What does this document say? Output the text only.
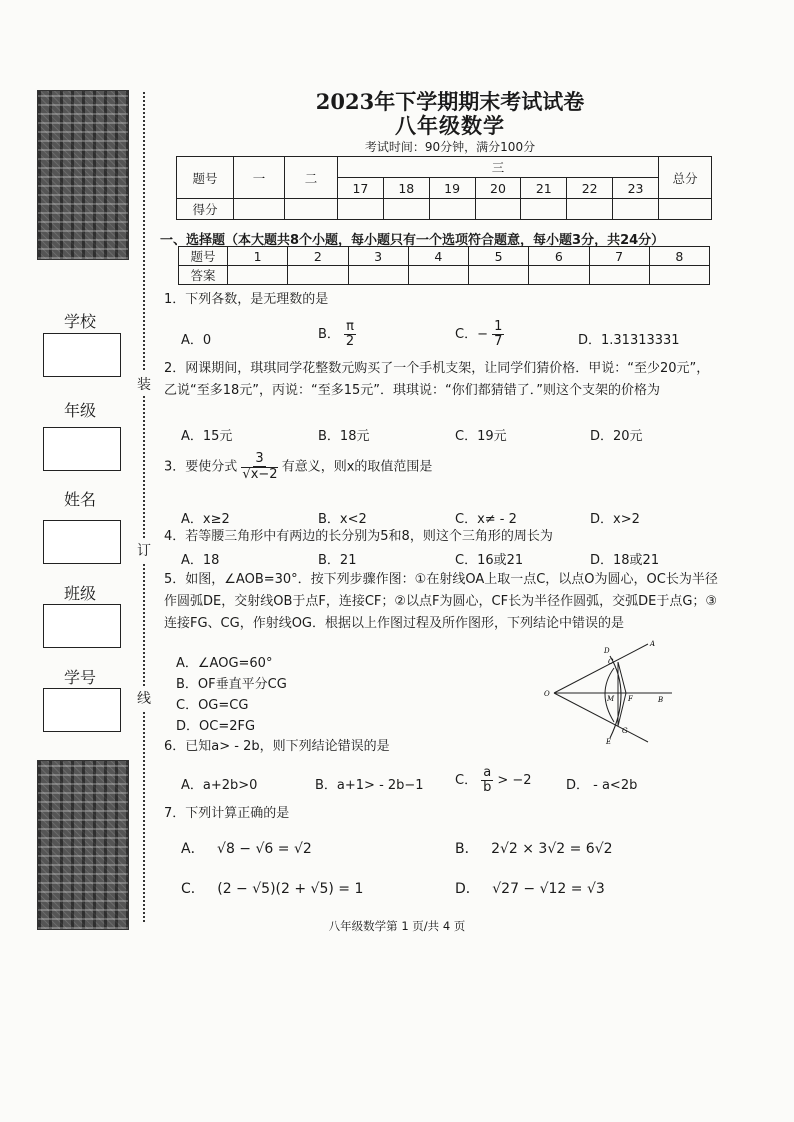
学校
年级
姓名
班级
学号
装
订
线
2023年下学期期末考试试卷
八年级数学
考试时间：90分钟，满分100分
题号	一	二	三							总分
			17	18	19	20	21	22	23	
得分										
一、选择题（本大题共8个小题，每小题只有一个选项符合题意，每小题3分，共24分）
题号	1	2	3	4	5	6	7	8
答案								
1．下列各数，是无理数的是
A．0	B． $\frac{\pi}{2}$	C．− $\frac{1}{7}$	D．1.31313331
2．网课期间，琪琪同学花整数元购买了一个手机支架，让同学们猜价格．甲说：“至少20元”，乙说“至多18元”，丙说：“至多15元”．琪琪说：“你们都猜错了．”则这个支架的价格为
A．15元	B．18元	C．19元	D．20元
3．要使分式 3
√ x−2 有意义，则x的取值范围是
A．x≥2	B．x<2	C．x≠ - 2	D．x>2
4．若等腰三角形中有两边的长分别为5和8，则这个三角形的周长为
A．18	B．21	C．16或21	D．18或21
5．如图，∠AOB=30°．按下列步骤作图：①在射线OA上取一点C，以点O为圆心，OC长为半径作圆弧DE，交射线OB于点F，连接CF；②以点F为圆心，CF长为半径作圆弧，交弧DE于点G；③连接FG、CG，作射线OG．根据以上作图过程及所作图形，下列结论中错误的是
A．∠AOG=60°
B．OF垂直平分CG
C．OG=CG
D．OC=2FG
O
A
B
D
C
M F
G
E
6．已知a> - 2b，则下列结论错误的是
A．a+2b>0	B．a+1> - 2b−1 C． $\frac{a}{b} > -2$	D． - a<2b
7．下列计算正确的是
A． √8 − √6 = √2	B． 2√2 × 3√2 = 6√2
C． (2 − √5)(2 + √5) = 1	D． √27 − √12 = √3
八年级数学第 1 页/共 4 页
